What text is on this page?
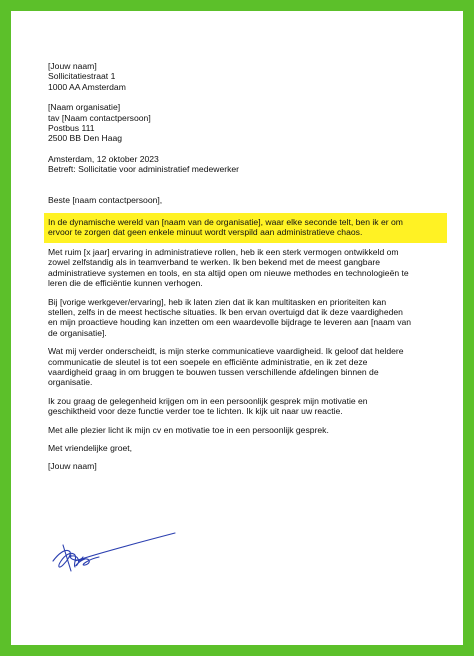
[Jouw naam]
Sollicitatiestraat 1
1000 AA Amsterdam
[Naam organisatie]
tav [Naam contactpersoon]
Postbus 111
2500 BB Den Haag
Amsterdam, 12 oktober 2023
Betreft: Sollicitatie voor administratief medewerker
Beste [naam contactpersoon],
In de dynamische wereld van [naam van de organisatie], waar elke seconde telt, ben ik er om
ervoor te zorgen dat geen enkele minuut wordt verspild aan administratieve chaos.
Met ruim [x jaar] ervaring in administratieve rollen, heb ik een sterk vermogen ontwikkeld om
zowel zelfstandig als in teamverband te werken. Ik ben bekend met de meest gangbare
administratieve systemen en tools, en sta altijd open om nieuwe methodes en technologieën te
leren die de efficiëntie kunnen verhogen.
Bij [vorige werkgever/ervaring], heb ik laten zien dat ik kan multitasken en prioriteiten kan
stellen, zelfs in de meest hectische situaties. Ik ben ervan overtuigd dat ik deze vaardigheden
en mijn proactieve houding kan inzetten om een waardevolle bijdrage te leveren aan [naam van
de organisatie].
Wat mij verder onderscheidt, is mijn sterke communicatieve vaardigheid. Ik geloof dat heldere
communicatie de sleutel is tot een soepele en efficiënte administratie, en ik zet deze
vaardigheid graag in om bruggen te bouwen tussen verschillende afdelingen binnen de
organisatie.
Ik zou graag de gelegenheid krijgen om in een persoonlijk gesprek mijn motivatie en
geschiktheid voor deze functie verder toe te lichten. Ik kijk uit naar uw reactie.
Met alle plezier licht ik mijn cv en motivatie toe in een persoonlijk gesprek.
Met vriendelijke groet,
[Jouw naam]
